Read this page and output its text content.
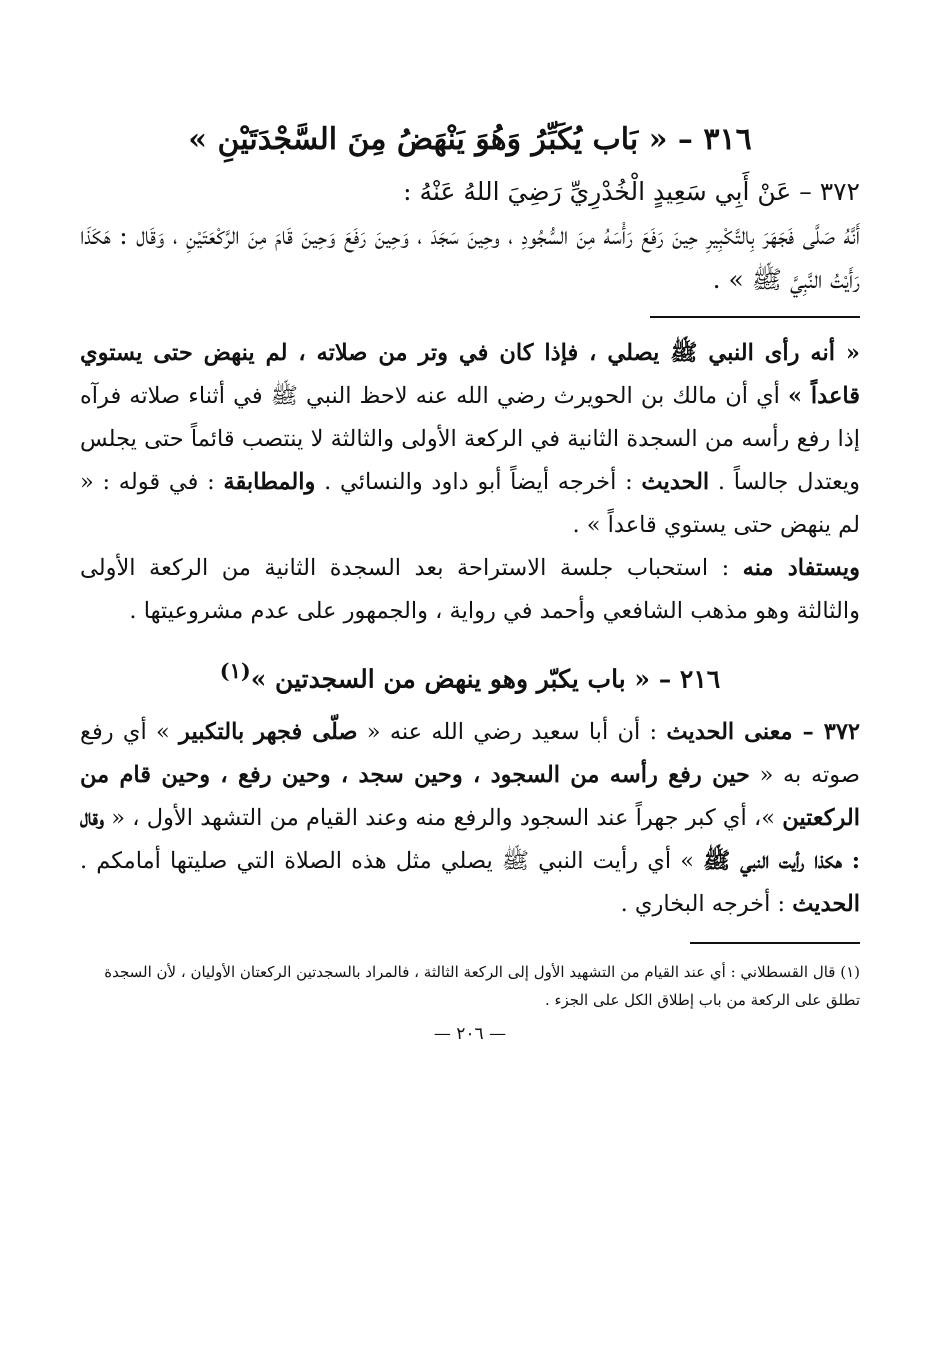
٣١٦ – « بَاب يُكَبِّرُ وَهُوَ يَنْهَضُ مِنَ السَّجْدَتَيْنِ »

٣٧٢ – عَنْ أَبِي سَعِيدٍ الْخُدْرِيِّ رَضِيَ اللهُ عَنْهُ :

أَنَّهُ صَلَّى فَجَهَرَ بِالتَّكْبِيرِ حِينَ رَفَعَ رَأْسَهُ مِنَ السُّجُودِ ، وحِينَ سَجَدَ ، وَحِينَ رَفَعَ وَحِينَ قَامَ مِنَ الرَّكْعَتَيْنِ ، وَقَال : هَكَذَا رَأَيْتُ النَّبِيَّ ﷺ » .

« أنه رأى النبي ﷺ يصلي ، فإذا كان في وتر من صلاته ، لم ينهض حتى يستوي قاعداً » أي أن مالك بن الحويرث رضي الله عنه لاحظ النبي ﷺ في أثناء صلاته فرآه إذا رفع رأسه من السجدة الثانية في الركعة الأولى والثالثة لا ينتصب قائماً حتى يجلس ويعتدل جالساً . الحديث : أخرجه أيضاً أبو داود والنسائي . والمطابقة : في قوله : « لم ينهض حتى يستوي قاعداً » .

ويستفاد منه : استحباب جلسة الاستراحة بعد السجدة الثانية من الركعة الأولى والثالثة وهو مذهب الشافعي وأحمد في رواية ، والجمهور على عدم مشروعيتها .

٢١٦ – « باب يكبّر وهو ينهض من السجدتين »$^{(١)}$

٣٧٢ – معنى الحديث : أن أبا سعيد رضي الله عنه « صلّى فجهر بالتكبير » أي رفع صوته به « حين رفع رأسه من السجود ، وحين سجد ، وحين رفع ، وحين قام من الركعتين »، أي كبر جهراً عند السجود والرفع منه وعند القيام من التشهد الأول ، « وقال : هكذا رأيت النبي ﷺ » أي رأيت النبي ﷺ يصلي مثل هذه الصلاة التي صليتها أمامكم . الحديث : أخرجه البخاري .

(١) قال القسطلاني : أي عند القيام من التشهيد الأول إلى الركعة الثالثة ، فالمراد بالسجدتين الركعتان الأوليان ، لأن السجدة تطلق على الركعة من باب إطلاق الكل على الجزء .

— ٢٠٦ —
